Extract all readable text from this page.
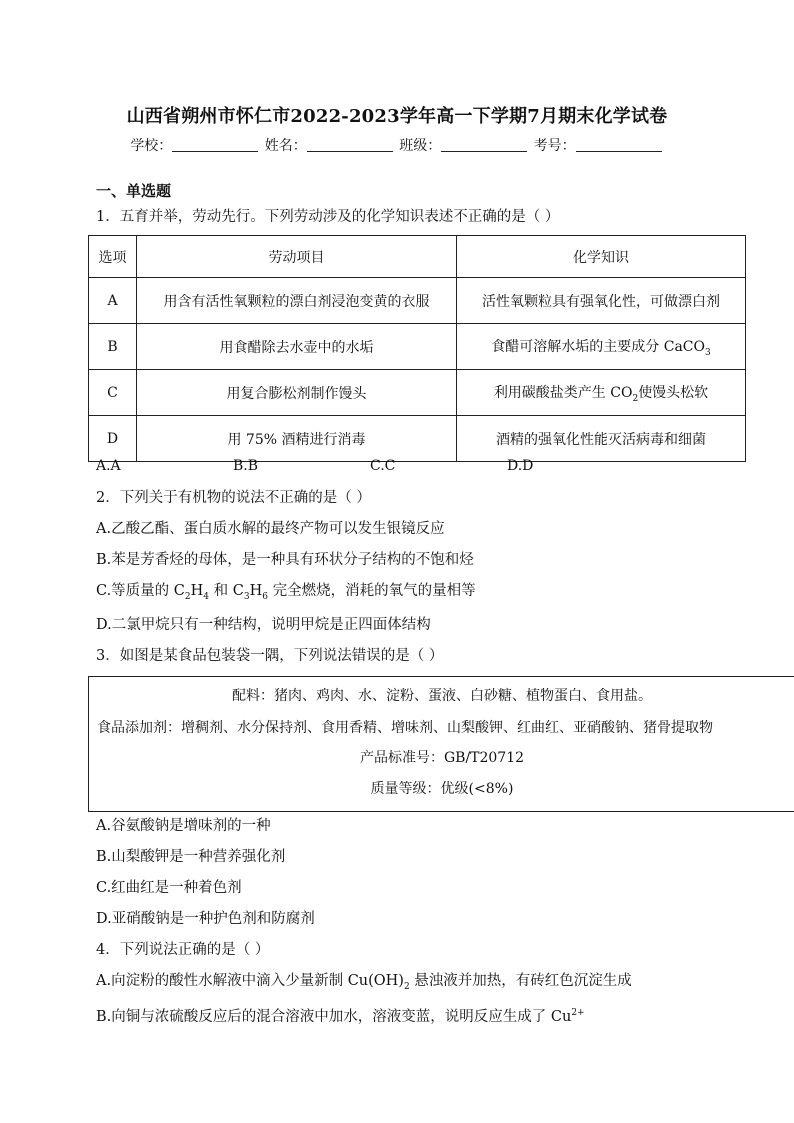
山西省朔州市怀仁市2022-2023学年高一下学期7月期末化学试卷
学校：	姓名：	班级：	考号：
一、单选题
1．五育并举，劳动先行。下列劳动涉及的化学知识表述不正确的是（ ）
选项	劳动项目	化学知识
A	用含有活性氧颗粒的漂白剂浸泡变黄的衣服	活性氧颗粒具有强氧化性，可做漂白剂
B	用食醋除去水壶中的水垢	食醋可溶解水垢的主要成分 CaCO$_3$
C	用复合膨松剂制作馒头	利用碳酸盐类产生 $CO_2$使馒头松软
D	用 75% 酒精进行消毒	酒精的强氧化性能灭活病毒和细菌
A.A	B.B	C.C	D.D
2．下列关于有机物的说法不正确的是（ ）
A.乙酸乙酯、蛋白质水解的最终产物可以发生银镜反应
B.苯是芳香烃的母体，是一种具有环状分子结构的不饱和烃
C.等质量的 $C_2H_4$ 和 $C_3H_6$ 完全燃烧，消耗的氧气的量相等
D.二氯甲烷只有一种结构，说明甲烷是正四面体结构
3．如图是某食品包装袋一隅，下列说法错误的是（ ）
配料：猪肉、鸡肉、水、淀粉、蛋液、白砂糖、植物蛋白、食用盐。
食品添加剂：增稠剂、水分保持剂、食用香精、增味剂、山梨酸钾、红曲红、亚硝酸钠、猪骨提取物
产品标准号：GB/T20712
质量等级：优级(<8%)
A.谷氨酸钠是增味剂的一种
B.山梨酸钾是一种营养强化剂
C.红曲红是一种着色剂
D.亚硝酸钠是一种护色剂和防腐剂
4．下列说法正确的是（ ）
A.向淀粉的酸性水解液中滴入少量新制 $Cu(OH)_2$ 悬浊液并加热，有砖红色沉淀生成
B.向铜与浓硫酸反应后的混合溶液中加水，溶液变蓝，说明反应生成了 $Cu^{2+}$
